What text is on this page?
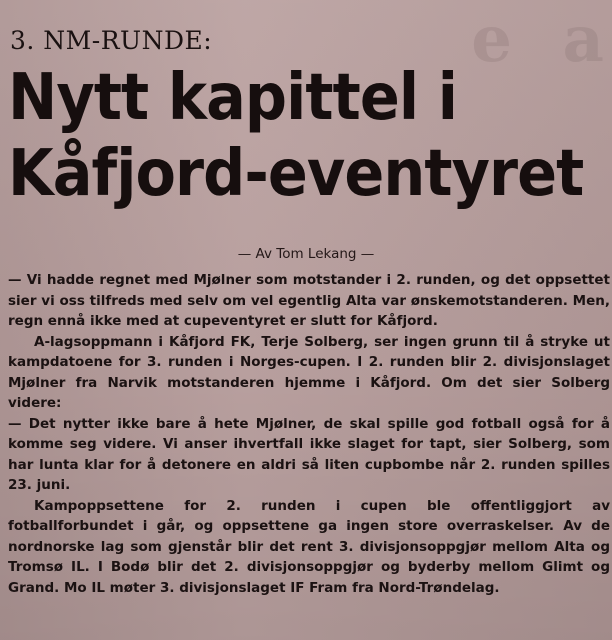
e  a
3. NM-RUNDE:
Nytt kapittel i
Kåfjord-eventyret
— Av Tom Lekang —

— Vi hadde regnet med Mjølner som motstander i 2. runden, og det oppsettet sier vi oss tilfreds med selv om vel egentlig Alta var ønskemotstanderen. Men, regn ennå ikke med at cupeventyret er slutt for Kåfjord.

A-lagsoppmann i Kåfjord FK, Terje Solberg, ser ingen grunn til å stryke ut kampdatoene for 3. runden i Norges-cupen. I 2. runden blir 2. divisjonslaget Mjølner fra Narvik motstanderen hjemme i Kåfjord. Om det sier Solberg videre:

— Det nytter ikke bare å hete Mjølner, de skal spille god fotball også for å komme seg videre. Vi anser ihvertfall ikke slaget for tapt, sier Solberg, som har lunta klar for å detonere en aldri så liten cupbombe når 2. runden spilles 23. juni.

Kampoppsettene for 2. runden i cupen ble offentliggjort av fotballforbundet i går, og oppsettene ga ingen store overraskelser. Av de nordnorske lag som gjenstår blir det rent 3. divisjonsoppgjør mellom Alta og Tromsø IL. I Bodø blir det 2. divisjonsoppgjør og byderby mellom Glimt og Grand. Mo IL møter 3. divisjonslaget IF Fram fra Nord-Trøndelag.
